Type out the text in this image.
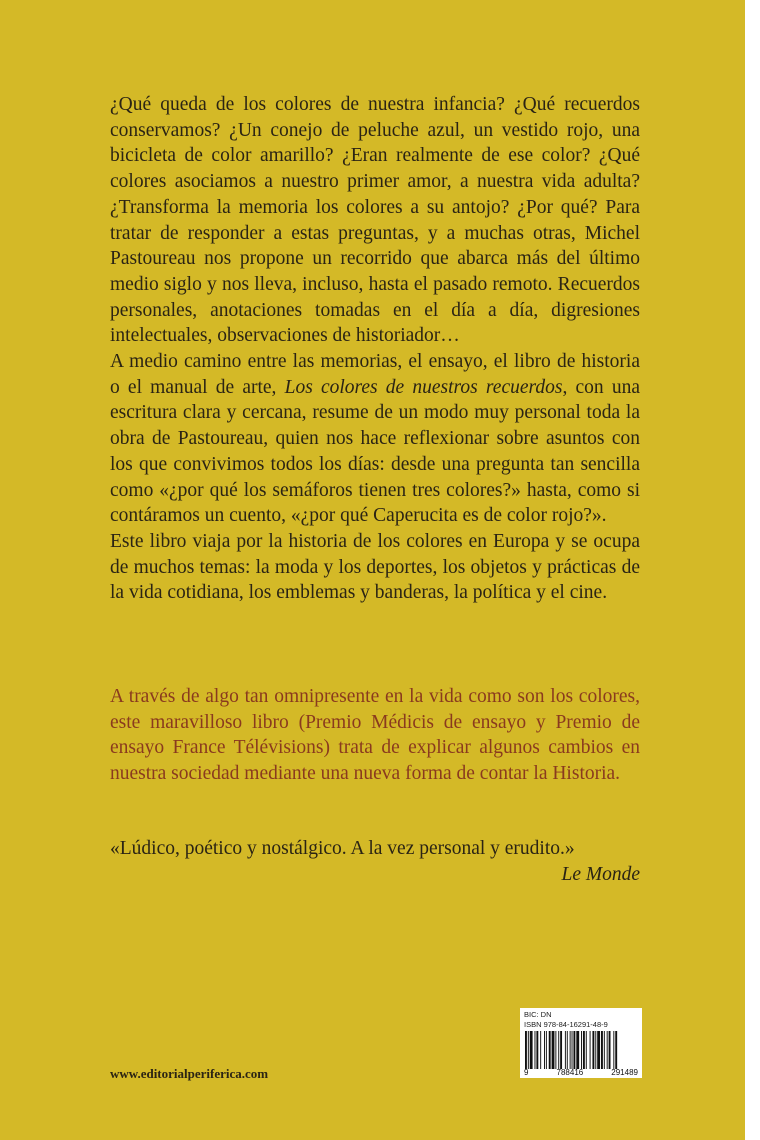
¿Qué queda de los colores de nuestra infancia? ¿Qué recuerdos conservamos? ¿Un conejo de peluche azul, un vestido rojo, una bicicleta de color amarillo? ¿Eran realmente de ese color? ¿Qué colores asociamos a nuestro primer amor, a nuestra vida adulta? ¿Transforma la memoria los colores a su antojo? ¿Por qué? Para tratar de responder a estas preguntas, y a muchas otras, Michel Pastoureau nos propone un recorrido que abarca más del último medio siglo y nos lleva, incluso, hasta el pasado remoto. Recuerdos personales, anotaciones tomadas en el día a día, digresiones intelectuales, observaciones de historiador…

A medio camino entre las memorias, el ensayo, el libro de historia o el manual de arte, Los colores de nuestros recuerdos, con una escritura clara y cercana, resume de un modo muy personal toda la obra de Pastoureau, quien nos hace reflexionar sobre asuntos con los que convivimos todos los días: desde una pregunta tan sencilla como «¿por qué los semáforos tienen tres colores?» hasta, como si contáramos un cuento, «¿por qué Caperucita es de color rojo?».

Este libro viaja por la historia de los colores en Europa y se ocupa de muchos temas: la moda y los deportes, los objetos y prácticas de la vida cotidiana, los emblemas y banderas, la política y el cine.

A través de algo tan omnipresente en la vida como son los colores, este maravilloso libro (Premio Médicis de ensayo y Premio de ensayo France Télévisions) trata de explicar algunos cambios en nuestra sociedad mediante una nueva forma de contar la Historia.

«Lúdico, poético y nostálgico. A la vez personal y erudito.»

Le Monde

www.editorialperiferica.com
BIC: DN
ISBN 978-84-16291-48-9
9	788416	291489
